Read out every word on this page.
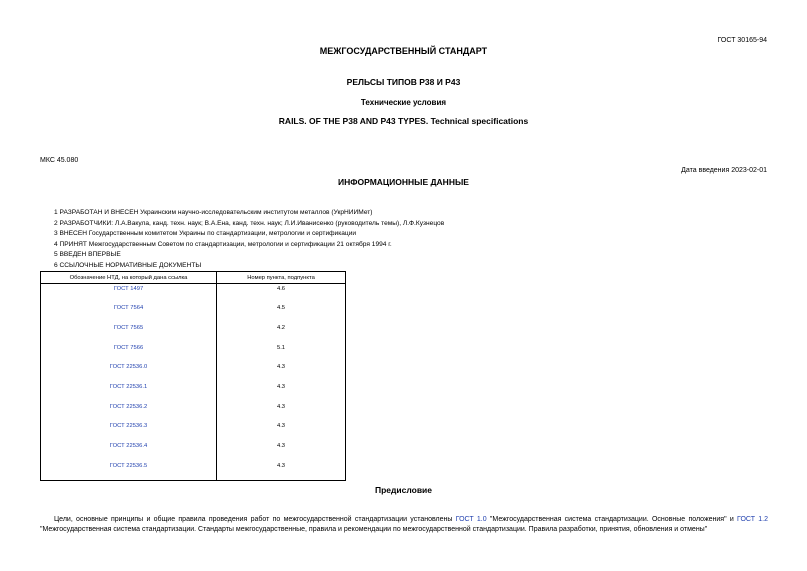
ГОСТ 30165-94
МЕЖГОСУДАРСТВЕННЫЙ СТАНДАРТ
РЕЛЬСЫ ТИПОВ Р38 И Р43
Технические условия
RAILS. OF THE P38 AND P43 TYPES. Technical specifications
МКС 45.080
Дата введения 2023-02-01
ИНФОРМАЦИОННЫЕ ДАННЫЕ
1 РАЗРАБОТАН И ВНЕСЕН Украинским научно-исследовательским институтом металлов (УкрНИИМет)
2 РАЗРАБОТЧИКИ: Л.А.Вакула, канд. техн. наук; В.А.Ена, канд. техн. наук; Л.И.Иванисенко (руководитель темы), Л.Ф.Кузнецов
3 ВНЕСЕН Государственным комитетом Украины по стандартизации, метрологии и сертификации
4 ПРИНЯТ Межгосударственным Советом по стандартизации, метрологии и сертификации 21 октября 1994 г.
5 ВВЕДЕН ВПЕРВЫЕ
6 ССЫЛОЧНЫЕ НОРМАТИВНЫЕ ДОКУМЕНТЫ
Обозначение НТД, на который дана ссылка	Номер пункта, подпункта
ГОСТ 1497	4.6
ГОСТ 7564	4.5
ГОСТ 7565	4.2
ГОСТ 7566	5.1
ГОСТ 22536.0	4.3
ГОСТ 22536.1	4.3
ГОСТ 22536.2	4.3
ГОСТ 22536.3	4.3
ГОСТ 22536.4	4.3
ГОСТ 22536.5	4.3
Предисловие
Цели, основные принципы и общие правила проведения работ по межгосударственной стандартизации установлены ГОСТ 1.0 "Межгосударственная система стандартизации. Основные положения" и ГОСТ 1.2
"Межгосударственная система стандартизации. Стандарты межгосударственные, правила и рекомендации по межгосударственной стандартизации. Правила разработки, принятия, обновления и отмены"
